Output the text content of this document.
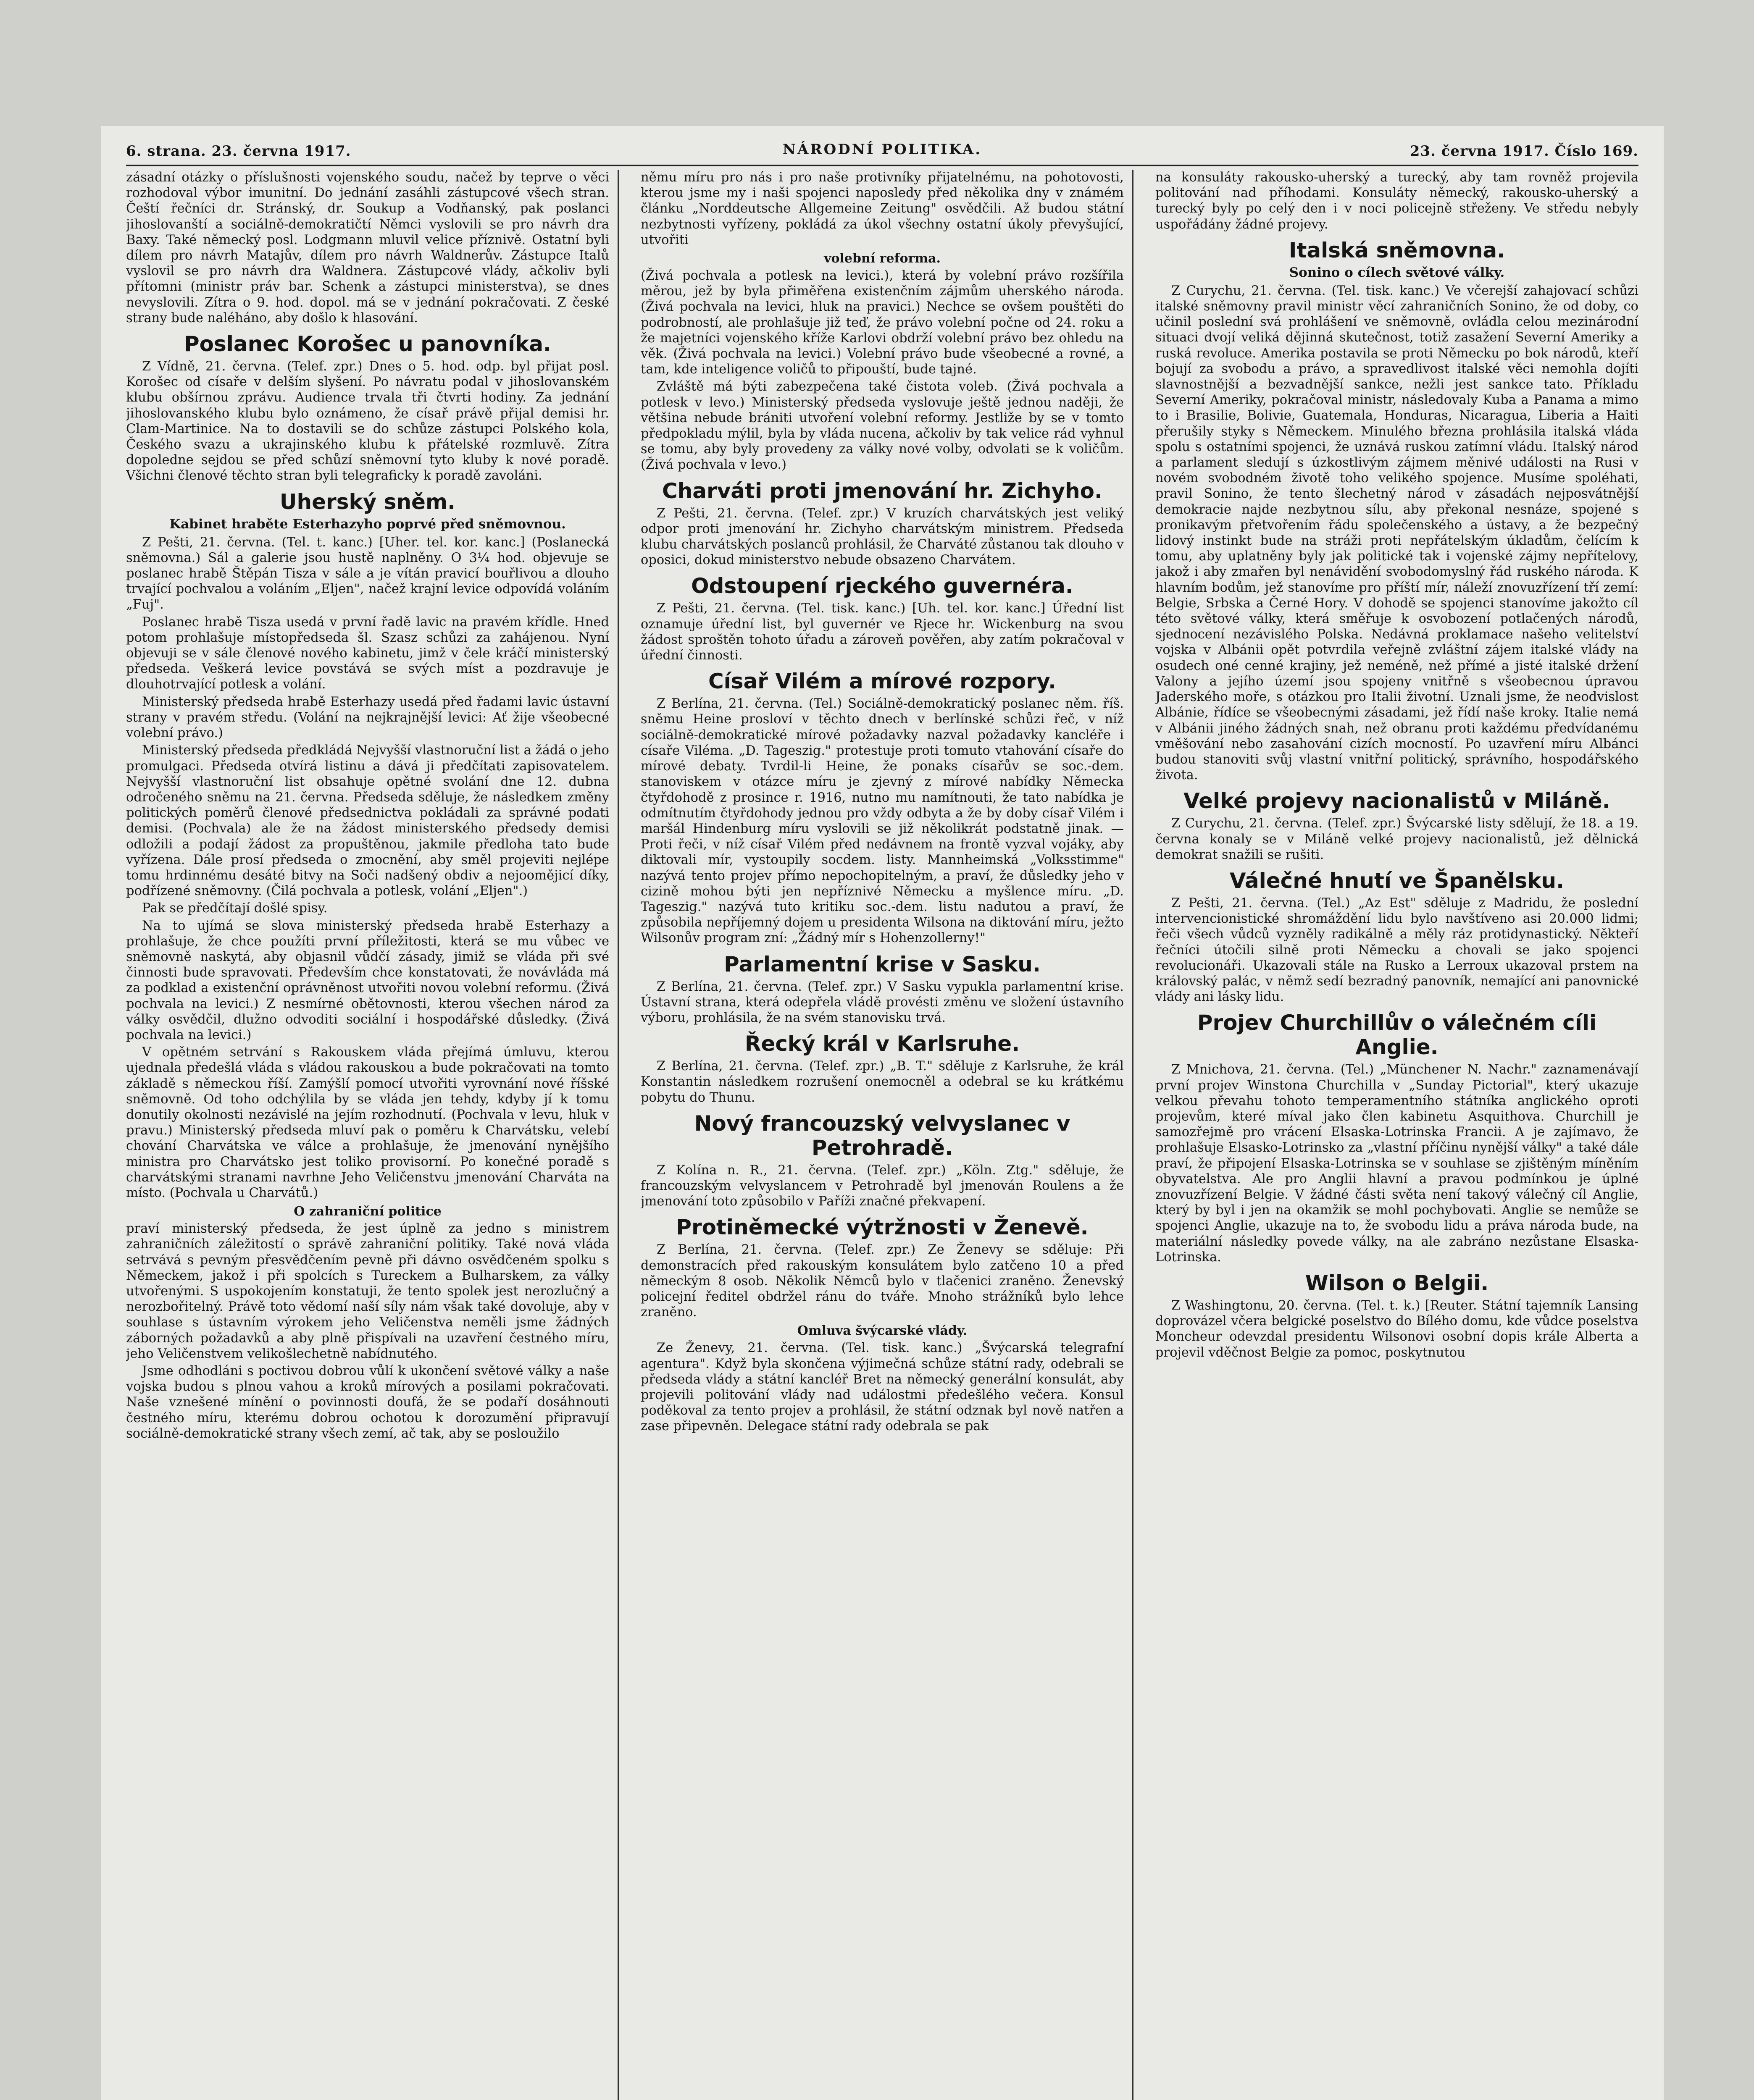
6. strana. 23. června 1917.	NÁRODNÍ POLITIKA.	23. června 1917. Číslo 169.

zásadní otázky o příslušnosti vojenského soudu, načež by teprve o věci rozhodoval výbor imunitní. Do jednání zasáhli zástupcové všech stran. Čeští řečníci dr. Stránský, dr. Soukup a Vodňanský, pak poslanci jihoslovanští a sociálně-demokratičtí Němci vyslovili se pro návrh dra Baxy. Také německý posl. Lodgmann mluvil velice příznivě. Ostatní byli dílem pro návrh Matajův, dílem pro návrh Waldnerův. Zástupce Italů vyslovil se pro návrh dra Waldnera. Zástupcové vlády, ačkoliv byli přítomni (ministr práv bar. Schenk a zástupci ministerstva), se dnes nevyslovili. Zítra o 9. hod. dopol. má se v jednání pokračovati. Z české strany bude naléháno, aby došlo k hlasování.

Poslanec Korošec u panovníka.

Z Vídně, 21. června. (Telef. zpr.) Dnes o 5. hod. odp. byl přijat posl. Korošec od císaře v delším slyšení. Po návratu podal v jihoslovanském klubu obšírnou zprávu. Audience trvala tři čtvrti hodiny. Za jednání jihoslovanského klubu bylo oznámeno, že císař právě přijal demisi hr. Clam-Martinice. Na to dostavili se do schůze zástupci Polského kola, Českého svazu a ukrajinského klubu k přátelské rozmluvě. Zítra dopoledne sejdou se před schůzí sněmovní tyto kluby k nové poradě. Všichni členové těchto stran byli telegraficky k poradě zavoláni.

Uherský sněm.
Kabinet hraběte Esterhazyho poprvé před sněmovnou.

Z Pešti, 21. června. (Tel. t. kanc.) [Uher. tel. kor. kanc.] (Poslanecká sněmovna.) Sál a galerie jsou hustě naplněny. O 3¼ hod. objevuje se poslanec hrabě Štěpán Tisza v sále a je vítán pravicí bouřlivou a dlouho trvající pochvalou a voláním „Eljen", načež krajní levice odpovídá voláním „Fuj".

Poslanec hrabě Tisza usedá v první řadě lavic na pravém křídle. Hned potom prohlašuje místopředseda šl. Szasz schůzi za zahájenou. Nyní objevuji se v sále členové nového kabinetu, jimž v čele kráčí ministerský předseda. Veškerá levice povstává se svých míst a pozdravuje je dlouhotrvající potlesk a volání.

Ministerský předseda hrabě Esterhazy usedá před řadami lavic ústavní strany v pravém středu. (Volání na nejkrajnější levici: Ať žije všeobecné volební právo.)

Ministerský předseda předkládá Nejvyšší vlastnoruční list a žádá o jeho promulgaci. Předseda otvírá listinu a dává ji předčítati zapisovatelem. Nejvyšší vlastnoruční list obsahuje opětné svolání dne 12. dubna odročeného sněmu na 21. června. Předseda sděluje, že následkem změny politických poměrů členové předsednictva pokládali za správné podati demisi. (Pochvala) ale že na žádost ministerského předsedy demisi odložili a podají žádost za propuštěnou, jakmile předloha tato bude vyřízena. Dále prosí předseda o zmocnění, aby směl projeviti nejlépe tomu hrdinnému desáté bitvy na Soči nadšený obdiv a nejoomějicí díky, podřízené sněmovny. (Čilá pochvala a potlesk, volání „Eljen".)

Pak se předčítají došlé spisy.

Na to ujímá se slova ministerský předseda hrabě Esterhazy a prohlašuje, že chce použíti první příležitosti, která se mu vůbec ve sněmovně naskytá, aby objasnil vůdčí zásady, jimiž se vláda při své činnosti bude spravovati. Především chce konstatovati, že novávláda má za podklad a existenční oprávněnost utvořiti novou volební reformu. (Živá pochvala na levici.) Z nesmírné obětovnosti, kterou všechen národ za války osvědčil, dlužno odvoditi sociální i hospodářské důsledky. (Živá pochvala na levici.)

V opětném setrvání s Rakouskem vláda přejímá úmluvu, kterou ujednala předešlá vláda s vládou rakouskou a bude pokračovati na tomto základě s německou říší. Zamýšlí pomocí utvořiti vyrovnání nové říšské sněmovně. Od toho odchýlila by se vláda jen tehdy, kdyby jí k tomu donutily okolnosti nezávislé na jejím rozhodnutí. (Pochvala v levu, hluk v pravu.) Ministerský předseda mluví pak o poměru k Charvátsku, velebí chování Charvátska ve válce a prohlašuje, že jmenování nynějšího ministra pro Charvátsko jest toliko provisorní. Po konečné poradě s charvátskými stranami navrhne Jeho Veličenstvu jmenování Charváta na místo. (Pochvala u Charvátů.)

O zahraniční politice

praví ministerský předseda, že jest úplně za jedno s ministrem zahraničních záležitostí o správě zahraniční politiky. Také nová vláda setrvává s pevným přesvědčením pevně při dávno osvědčeném spolku s Německem, jakož i při spolcích s Tureckem a Bulharskem, za války utvořenými. S uspokojením konstatuji, že tento spolek jest nerozlučný a nerozbořitelný. Právě toto vědomí naší síly nám však také dovoluje, aby v souhlase s ústavním výrokem jeho Veličenstva neměli jsme žádných záborných požadavků a aby plně přispívali na uzavření čestného míru, jeho Veličenstvem velikošlechetně nabídnutého.

Jsme odhodláni s poctivou dobrou vůlí k ukončení světové války a naše vojska budou s plnou vahou a kroků mírových a posilami pokračovati. Naše vznešené mínění o povinnosti doufá, že se podaří dosáhnouti čestného míru, kterému dobrou ochotou k dorozumění připravují sociálně-demokratické strany všech zemí, ač tak, aby se posloužilo

němu míru pro nás i pro naše protivníky přijatelnému, na pohotovosti, kterou jsme my i naši spojenci naposledy před několika dny v známém článku „Norddeutsche Allgemeine Zeitung" osvědčili. Až budou státní nezbytnosti vyřízeny, pokládá za úkol všechny ostatní úkoly převyšující, utvořiti

volební reforma.

(Živá pochvala a potlesk na levici.), která by volební právo rozšířila měrou, jež by byla přiměřena existenčním zájmům uherského národa. (Živá pochvala na levici, hluk na pravici.) Nechce se ovšem pouštěti do podrobností, ale prohlašuje již teď, že právo volební počne od 24. roku a že majetníci vojenského kříže Karlovi obdrží volební právo bez ohledu na věk. (Živá pochvala na levici.) Volební právo bude všeobecné a rovné, a tam, kde inteligence voličů to připouští, bude tajné.

Zvláště má býti zabezpečena také čistota voleb. (Živá pochvala a potlesk v levo.) Ministerský předseda vyslovuje ještě jednou naději, že většina nebude brániti utvoření volební reformy. Jestliže by se v tomto předpokladu mýlil, byla by vláda nucena, ačkoliv by tak velice rád vyhnul se tomu, aby byly provedeny za války nové volby, odvolati se k voličům. (Živá pochvala v levo.)

Charváti proti jmenování hr. Zichyho.

Z Pešti, 21. června. (Telef. zpr.) V kruzích charvátských jest veliký odpor proti jmenování hr. Zichyho charvátským ministrem. Předseda klubu charvátských poslanců prohlásil, že Charváté zůstanou tak dlouho v oposici, dokud ministerstvo nebude obsazeno Charvátem.

Odstoupení rjeckého guvernéra.

Z Pešti, 21. června. (Tel. tisk. kanc.) [Uh. tel. kor. kanc.] Úřední list oznamuje úřední list, byl guvernér ve Rjece hr. Wickenburg na svou žádost sproštěn tohoto úřadu a zároveň pověřen, aby zatím pokračoval v úřední činnosti.

Císař Vilém a mírové rozpory.

Z Berlína, 21. června. (Tel.) Sociálně-demokratický poslanec něm. říš. sněmu Heine prosloví v těchto dnech v berlínské schůzi řeč, v níž sociálně-demokratické mírové požadavky nazval požadavky kancléře i císaře Viléma. „D. Tageszig." protestuje proti tomuto vtahování císaře do mírové debaty. Tvrdil-li Heine, že ponaks císařův se soc.-dem. stanoviskem v otázce míru je zjevný z mírové nabídky Německa čtyřdohodě z prosince r. 1916, nutno mu namítnouti, že tato nabídka je odmítnutím čtyřdohody jednou pro vždy odbyta a že by doby císař Vilém i maršál Hindenburg míru vyslovili se již několikrát podstatně jinak. — Proti řeči, v níž císař Vilém před nedávnem na frontě vyzval vojáky, aby diktovali mír, vystoupily socdem. listy. Mannheimská „Volksstimme" nazývá tento projev přímo nepochopitelným, a praví, že důsledky jeho v cizině mohou býti jen nepříznivé Německu a myšlence míru. „D. Tageszig." nazývá tuto kritiku soc.-dem. listu nadutou a praví, že způsobila nepříjemný dojem u presidenta Wilsona na diktování míru, ježto Wilsonův program zní: „Žádný mír s Hohenzollerny!"

Parlamentní krise v Sasku.

Z Berlína, 21. června. (Telef. zpr.) V Sasku vypukla parlamentní krise. Ústavní strana, která odepřela vládě provésti změnu ve složení ústavního výboru, prohlásila, že na svém stanovisku trvá.

Řecký král v Karlsruhe.

Z Berlína, 21. června. (Telef. zpr.) „B. T." sděluje z Karlsruhe, že král Konstantin následkem rozrušení onemocněl a odebral se ku krátkému pobytu do Thunu.

Nový francouzský velvyslanec v Petrohradě.

Z Kolína n. R., 21. června. (Telef. zpr.) „Köln. Ztg." sděluje, že francouzským velvyslancem v Petrohradě byl jmenován Roulens a že jmenování toto způsobilo v Paříži značné překvapení.

Protiněmecké výtržnosti v Ženevě.

Z Berlína, 21. června. (Telef. zpr.) Ze Ženevy se sděluje: Při demonstracích před rakouským konsulátem bylo zatčeno 10 a před německým 8 osob. Několik Němců bylo v tlačenici zraněno. Ženevský policejní ředitel obdržel ránu do tváře. Mnoho strážníků bylo lehce zraněno.

Omluva švýcarské vlády.

Ze Ženevy, 21. června. (Tel. tisk. kanc.) „Švýcarská telegrafní agentura". Když byla skončena výjimečná schůze státní rady, odebrali se předseda vlády a státní kancléř Bret na německý generální konsulát, aby projevili politování vlády nad událostmi předešlého večera. Konsul poděkoval za tento projev a prohlásil, že státní odznak byl nově natřen a zase připevněn. Delegace státní rady odebrala se pak

na konsuláty rakousko-uherský a turecký, aby tam rovněž projevila politování nad příhodami. Konsuláty německý, rakousko-uherský a turecký byly po celý den i v noci policejně střeženy. Ve středu nebyly uspořádány žádné projevy.

Italská sněmovna.
Sonino o cílech světové války.

Z Curychu, 21. června. (Tel. tisk. kanc.) Ve včerejší zahajovací schůzi italské sněmovny pravil ministr věcí zahraničních Sonino, že od doby, co učinil poslední svá prohlášení ve sněmovně, ovládla celou mezinárodní situaci dvojí veliká dějinná skutečnost, totiž zasažení Severní Ameriky a ruská revoluce. Amerika postavila se proti Německu po bok národů, kteří bojují za svobodu a právo, a spravedlivost italské věci nemohla dojíti slavnostnější a bezvadnější sankce, nežli jest sankce tato. Příkladu Severní Ameriky, pokračoval ministr, následovaly Kuba a Panama a mimo to i Brasilie, Bolivie, Guatemala, Honduras, Nicaragua, Liberia a Haiti přerušily styky s Německem. Minulého března prohlásila italská vláda spolu s ostatními spojenci, že uznává ruskou zatímní vládu. Italský národ a parlament sledují s úzkostlivým zájmem měnivé události na Rusi v novém svobodném životě toho velikého spojence. Musíme spoléhati, pravil Sonino, že tento šlechetný národ v zásadách nejposvátnější demokracie najde nezbytnou sílu, aby překonal nesnáze, spojené s pronikavým přetvořením řádu společenského a ústavy, a že bezpečný lidový instinkt bude na stráži proti nepřátelským úkladům, čelícím k tomu, aby uplatněny byly jak politické tak i vojenské zájmy nepřítelovy, jakož i aby zmařen byl nenávidění svobodomyslný řád ruského národa. K hlavním bodům, jež stanovíme pro příští mír, náleží znovuzřízení tří zemí: Belgie, Srbska a Černé Hory. V dohodě se spojenci stanovíme jakožto cíl této světové války, která směřuje k osvobození potlačených národů, sjednocení nezávislého Polska. Nedávná proklamace našeho velitelství vojska v Albánii opět potvrdila veřejně zvláštní zájem italské vlády na osudech oné cenné krajiny, jež neméně, než přímé a jisté italské držení Valony a jejího území jsou spojeny vnitřně s všeobecnou úpravou Jaderského moře, s otázkou pro Italii životní. Uznali jsme, že neodvislost Albánie, řídíce se všeobecnými zásadami, jež řídí naše kroky. Italie nemá v Albánii jiného žádných snah, než obranu proti každému předvídanému vměšování nebo zasahování cizích mocností. Po uzavření míru Albánci budou stanoviti svůj vlastní vnitřní politický, správního, hospodářského života.

Velké projevy nacionalistů v Miláně.

Z Curychu, 21. června. (Telef. zpr.) Švýcarské listy sdělují, že 18. a 19. června konaly se v Miláně velké projevy nacionalistů, jež dělnická demokrat snažili se rušiti.

Válečné hnutí ve Španělsku.

Z Pešti, 21. června. (Tel.) „Az Est" sděluje z Madridu, že poslední intervencionistické shromáždění lidu bylo navštíveno asi 20.000 lidmi; řeči všech vůdců vyzněly radikálně a měly ráz protidynastický. Někteří řečníci útočili silně proti Německu a chovali se jako spojenci revolucionáři. Ukazovali stále na Rusko a Lerroux ukazoval prstem na královský palác, v němž sedí bezradný panovník, nemající ani panovnické vlády ani lásky lidu.

Projev Churchillův o válečném cíli Anglie.

Z Mnichova, 21. června. (Tel.) „Münchener N. Nachr." zaznamenávají první projev Winstona Churchilla v „Sunday Pictorial", který ukazuje velkou převahu tohoto temperamentního státníka anglického oproti projevům, které míval jako člen kabinetu Asquithova. Churchill je samozřejmě pro vrácení Elsaska-Lotrinska Francii. A je zajímavo, že prohlašuje Elsasko-Lotrinsko za „vlastní příčinu nynější války" a také dále praví, že připojení Elsaska-Lotrinska se v souhlase se zjištěným míněním obyvatelstva. Ale pro Anglii hlavní a pravou podmínkou je úplné znovuzřízení Belgie. V žádné části světa není takový válečný cíl Anglie, který by byl i jen na okamžik se mohl pochybovati. Anglie se nemůže se spojenci Anglie, ukazuje na to, že svobodu lidu a práva národa bude, na materiální následky povede války, na ale zabráno nezůstane Elsaska-Lotrinska.

Wilson o Belgii.

Z Washingtonu, 20. června. (Tel. t. k.) [Reuter. Státní tajemník Lansing doprovázel včera belgické poselstvo do Bílého domu, kde vůdce poselstva Moncheur odevzdal presidentu Wilsonovi osobní dopis krále Alberta a projevil vděčnost Belgie za pomoc, poskytnutou
